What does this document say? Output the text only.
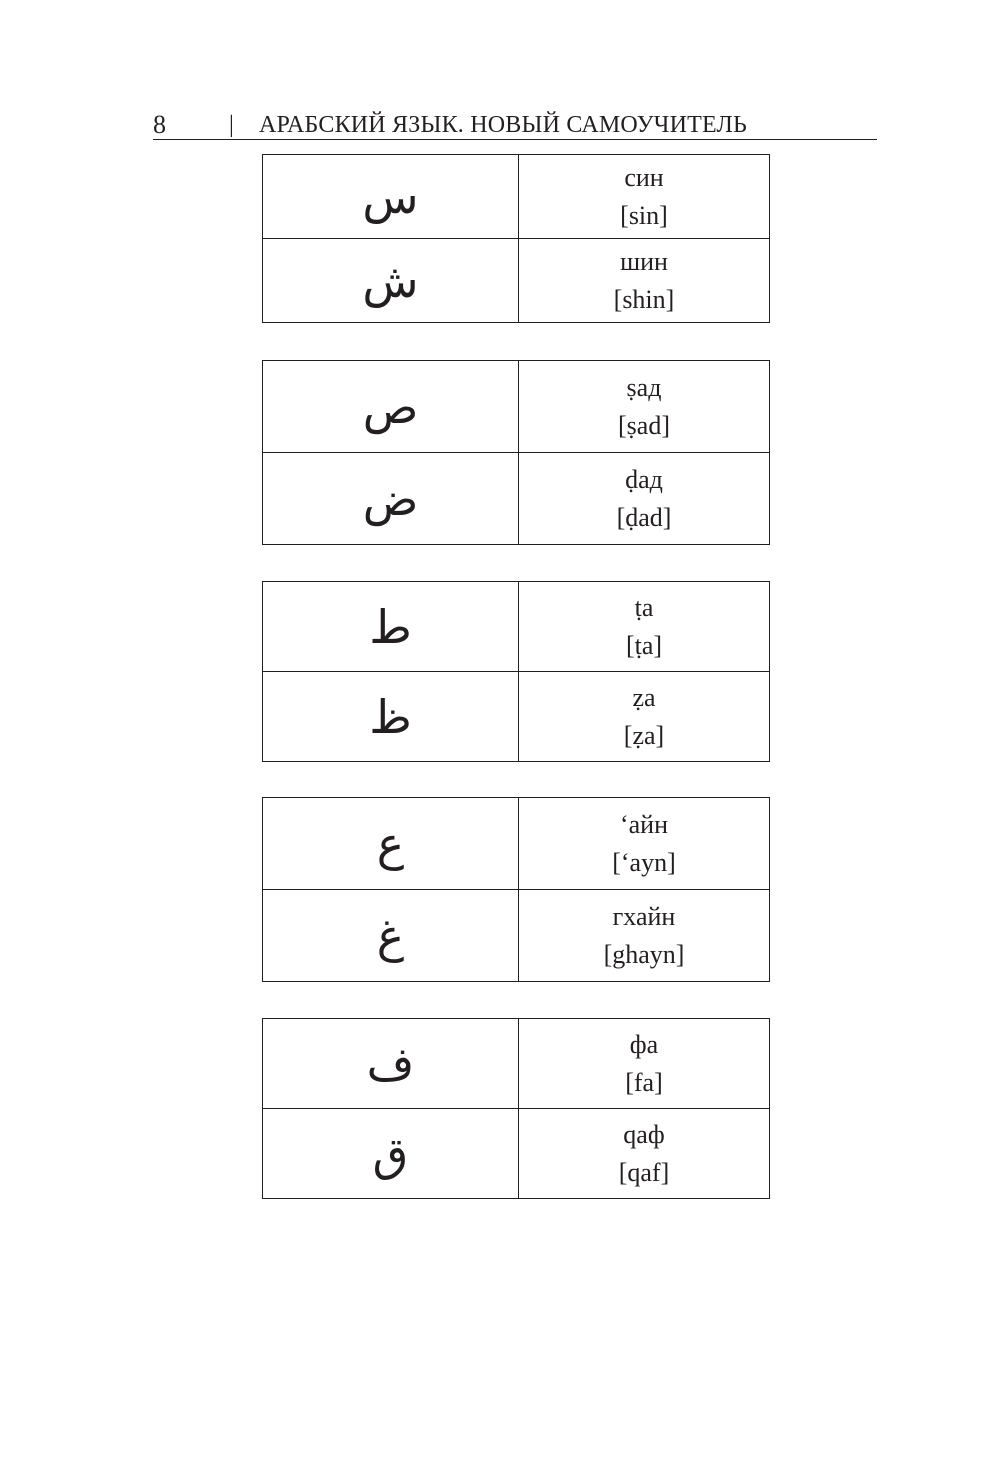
8	| АРАБСКИЙ ЯЗЫК. НОВЫЙ САМОУЧИТЕЛЬ
س	син
[sin]

ش	шин
[shin]
ص	ṣад
[ṣad]

ض	ḍад
[ḍad]
ط	ṭa
[ṭa]

ظ	ẓa
[ẓa]
ع	‘айн
[‘ayn]

غ	гхайн
[ghayn]
ف	фа
[fa]

ق	qaф
[qaf]
